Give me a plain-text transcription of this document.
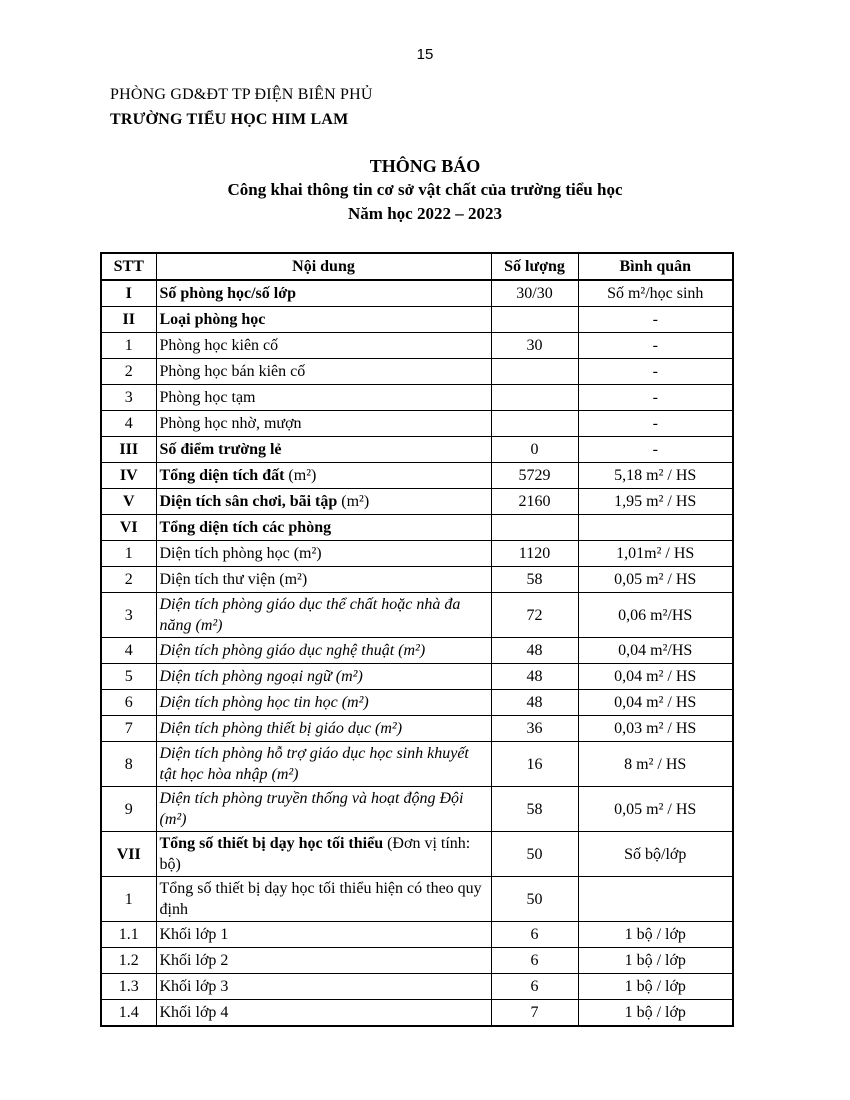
15
PHÒNG GD&ĐT TP ĐIỆN BIÊN PHỦ
TRƯỜNG TIỂU HỌC HIM LAM
THÔNG BÁO
Công khai thông tin cơ sở vật chất của trường tiểu học
Năm học 2022 – 2023
STT	Nội dung	Số lượng	Bình quân
I	Số phòng học/số lớp	30/30	Số m²/học sinh
II	Loại phòng học		-
1	Phòng học kiên cố	30	-
2	Phòng học bán kiên cố		-
3	Phòng học tạm		-
4	Phòng học nhờ, mượn		-
III	Số điểm trường lẻ	0	-
IV	Tổng diện tích đất (m²)	5729	5,18 m² / HS
V	Diện tích sân chơi, bãi tập (m²)	2160	1,95 m² / HS
VI	Tổng diện tích các phòng		
1	Diện tích phòng học (m²)	1120	1,01m² / HS
2	Diện tích thư viện (m²)	58	0,05 m² / HS
3	Diện tích phòng giáo dục thể chất hoặc nhà đa năng (m²)	72	0,06 m²/HS
4	Diện tích phòng giáo dục nghệ thuật (m²)	48	0,04 m²/HS
5	Diện tích phòng ngoại ngữ (m²)	48	0,04 m² / HS
6	Diện tích phòng học tin học (m²)	48	0,04 m² / HS
7	Diện tích phòng thiết bị giáo dục (m²)	36	0,03 m² / HS
8	Diện tích phòng hỗ trợ giáo dục học sinh khuyết tật học hòa nhập (m²)	16	8 m² / HS
9	Diện tích phòng truyền thống và hoạt động Đội (m²)	58	0,05 m² / HS
VII	Tổng số thiết bị dạy học tối thiểu (Đơn vị tính: bộ)	50	Số bộ/lớp
1	Tổng số thiết bị dạy học tối thiểu hiện có theo quy định	50	
1.1	Khối lớp 1	6	1 bộ / lớp
1.2	Khối lớp 2	6	1 bộ / lớp
1.3	Khối lớp 3	6	1 bộ / lớp
1.4	Khối lớp 4	7	1 bộ / lớp
